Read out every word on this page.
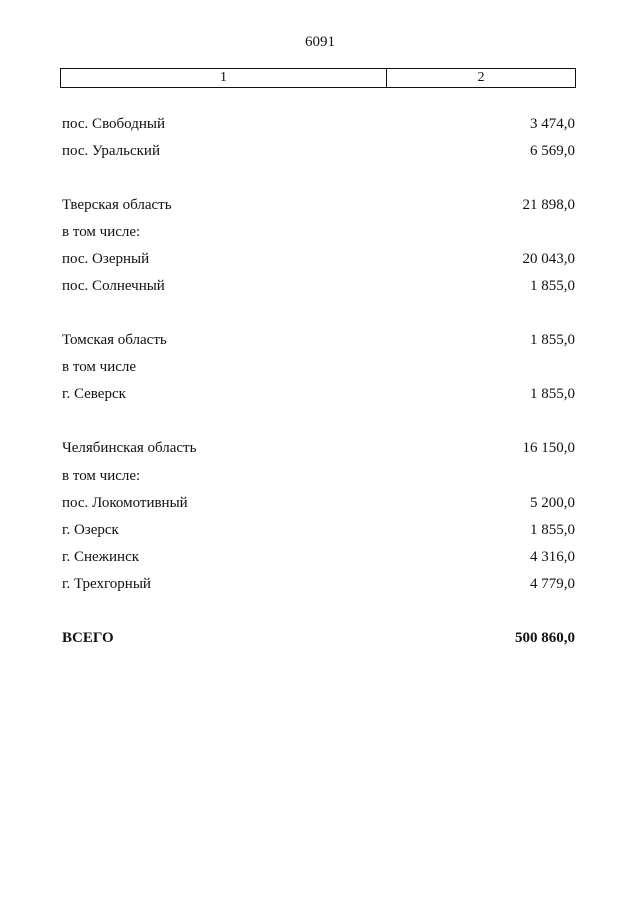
6091
1	2
пос. Свободный	3 474,0
пос. Уральский	6 569,0
Тверская область	21 898,0
в том числе:
пос. Озерный	20 043,0
пос. Солнечный	1 855,0
Томская область	1 855,0
в том числе
г. Северск	1 855,0
Челябинская область	16 150,0
в том числе:
пос. Локомотивный	5 200,0
г. Озерск	1 855,0
г. Снежинск	4 316,0
г. Трехгорный	4 779,0
ВСЕГО	500 860,0
